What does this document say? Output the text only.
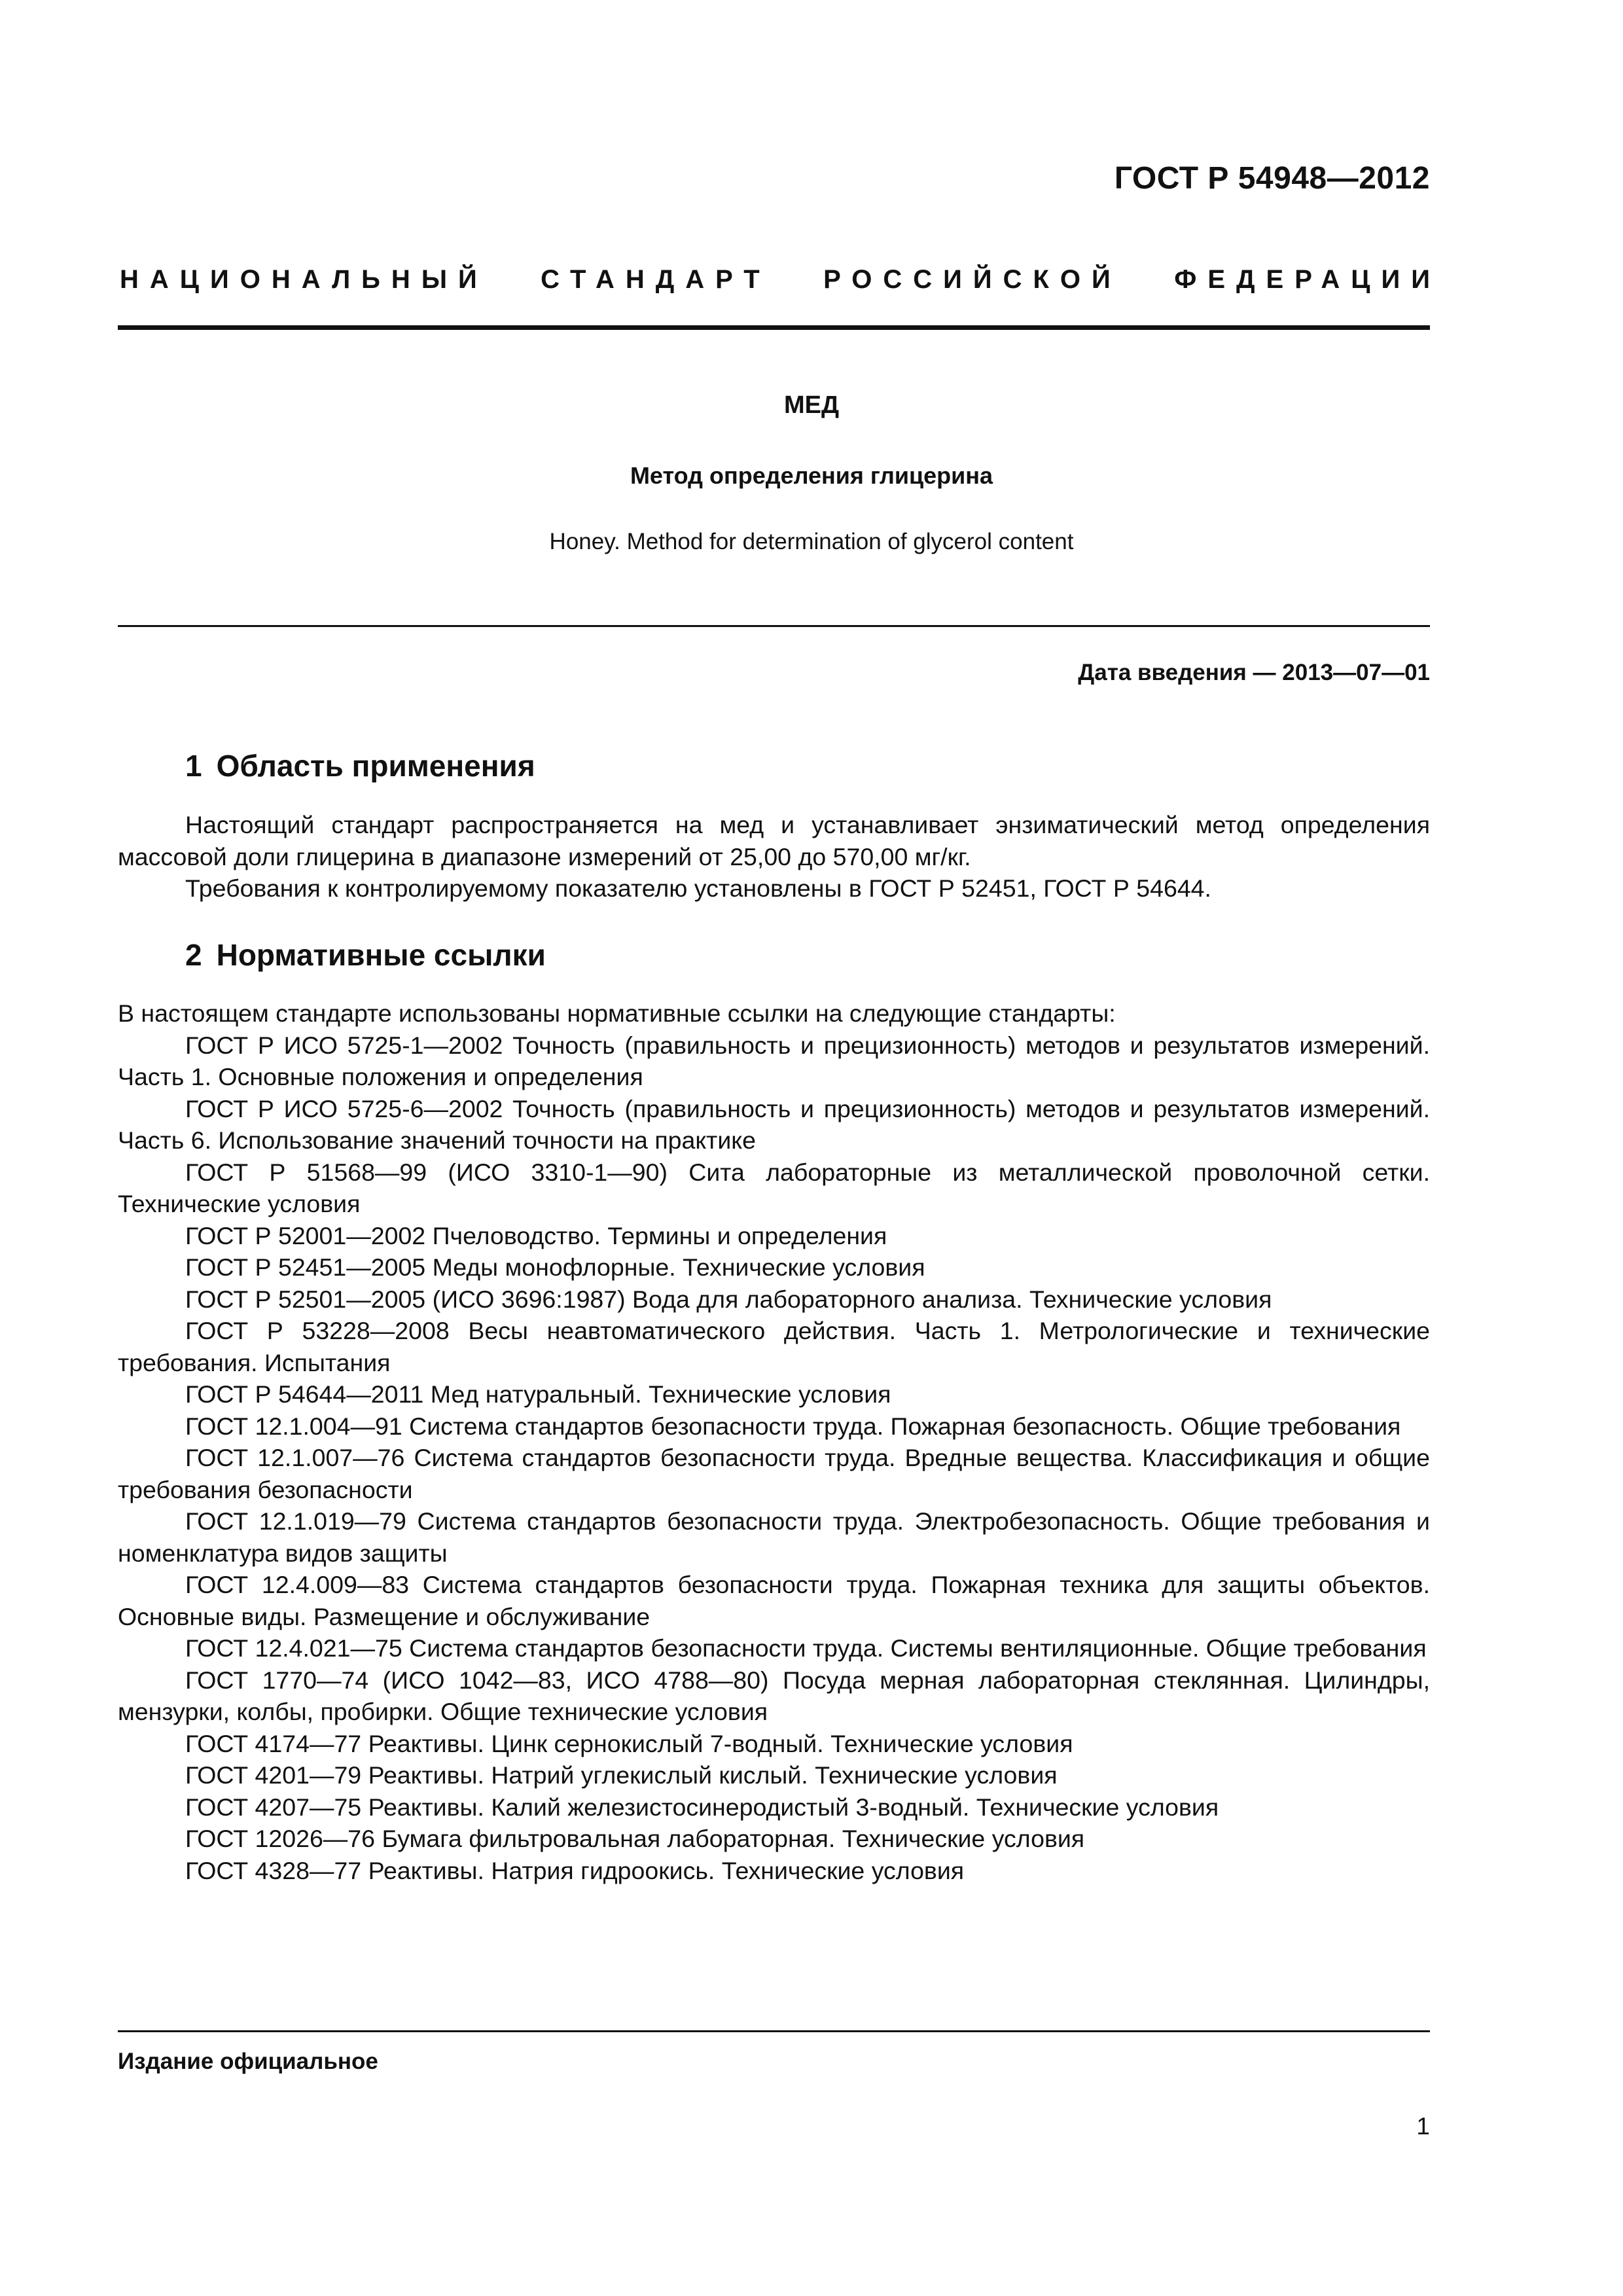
ГОСТ Р 54948—2012
НАЦИОНАЛЬНЫЙ СТАНДАРТ РОССИЙСКОЙ ФЕДЕРАЦИИ
МЕД
Метод определения глицерина
Honey. Method for determination of glycerol content
Дата введения — 2013—07—01
1 Область применения

Настоящий стандарт распространяется на мед и устанавливает энзиматический метод определения массовой доли глицерина в диапазоне измерений от 25,00 до 570,00 мг/кг.

Требования к контролируемому показателю установлены в ГОСТ Р 52451, ГОСТ Р 54644.

2 Нормативные ссылки

В настоящем стандарте использованы нормативные ссылки на следующие стандарты:

ГОСТ Р ИСО 5725-1—2002 Точность (правильность и прецизионность) методов и результатов измерений. Часть 1. Основные положения и определения

ГОСТ Р ИСО 5725-6—2002 Точность (правильность и прецизионность) методов и результатов измерений. Часть 6. Использование значений точности на практике

ГОСТ Р 51568—99 (ИСО 3310-1—90) Сита лабораторные из металлической проволочной сетки. Технические условия

ГОСТ Р 52001—2002 Пчеловодство. Термины и определения

ГОСТ Р 52451—2005 Меды монофлорные. Технические условия

ГОСТ Р 52501—2005 (ИСО 3696:1987) Вода для лабораторного анализа. Технические условия

ГОСТ Р 53228—2008 Весы неавтоматического действия. Часть 1. Метрологические и технические требования. Испытания

ГОСТ Р 54644—2011 Мед натуральный. Технические условия

ГОСТ 12.1.004—91 Система стандартов безопасности труда. Пожарная безопасность. Общие требования

ГОСТ 12.1.007—76 Система стандартов безопасности труда. Вредные вещества. Классификация и общие требования безопасности

ГОСТ 12.1.019—79 Система стандартов безопасности труда. Электробезопасность. Общие требования и номенклатура видов защиты

ГОСТ 12.4.009—83 Система стандартов безопасности труда. Пожарная техника для защиты объектов. Основные виды. Размещение и обслуживание

ГОСТ 12.4.021—75 Система стандартов безопасности труда. Системы вентиляционные. Общие требования

ГОСТ 1770—74 (ИСО 1042—83, ИСО 4788—80) Посуда мерная лабораторная стеклянная. Цилиндры, мензурки, колбы, пробирки. Общие технические условия

ГОСТ 4174—77 Реактивы. Цинк сернокислый 7-водный. Технические условия

ГОСТ 4201—79 Реактивы. Натрий углекислый кислый. Технические условия

ГОСТ 4207—75 Реактивы. Калий железистосинеродистый 3-водный. Технические условия

ГОСТ 12026—76 Бумага фильтровальная лабораторная. Технические условия

ГОСТ 4328—77 Реактивы. Натрия гидроокись. Технические условия

Издание официальное
1
